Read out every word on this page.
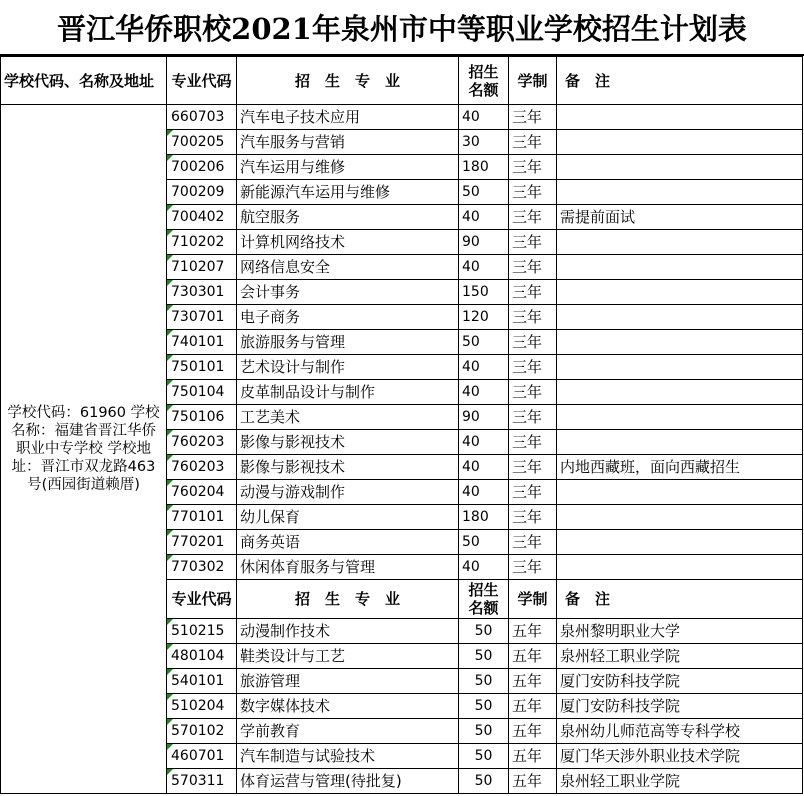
晋江华侨职校2021年泉州市中等职业学校招生计划表
学校代码、名称及地址	专业代码	招　生　专　业	招生名额	学制	备　注
学校代码：61960 学校名称：福建省晋江华侨职业中专学校 学校地址：晋江市双龙路463号(西园街道赖厝)	660703	汽车电子技术应用	40	三年	
	700205	汽车服务与营销	30	三年	
	700206	汽车运用与维修	180	三年	
	700209	新能源汽车运用与维修	50	三年	
	700402	航空服务	40	三年	需提前面试
	710202	计算机网络技术	90	三年	
	710207	网络信息安全	40	三年	
	730301	会计事务	150	三年	
	730701	电子商务	120	三年	
	740101	旅游服务与管理	50	三年	
	750101	艺术设计与制作	40	三年	
	750104	皮革制品设计与制作	40	三年	
	750106	工艺美术	90	三年	
	760203	影像与影视技术	40	三年	
	760203	影像与影视技术	40	三年	内地西藏班，面向西藏招生
	760204	动漫与游戏制作	40	三年	
	770101	幼儿保育	180	三年	
	770201	商务英语	50	三年	
	770302	休闲体育服务与管理	40	三年	
	专业代码	招　生　专　业	招生名额	学制	备　注
	510215	动漫制作技术	50	五年	泉州黎明职业大学
	480104	鞋类设计与工艺	50	五年	泉州轻工职业学院
	540101	旅游管理	50	五年	厦门安防科技学院
	510204	数字媒体技术	50	五年	厦门安防科技学院
	570102	学前教育	50	五年	泉州幼儿师范高等专科学校
	460701	汽车制造与试验技术	50	五年	厦门华天涉外职业技术学院
	570311	体育运营与管理(待批复)	50	五年	泉州轻工职业学院
